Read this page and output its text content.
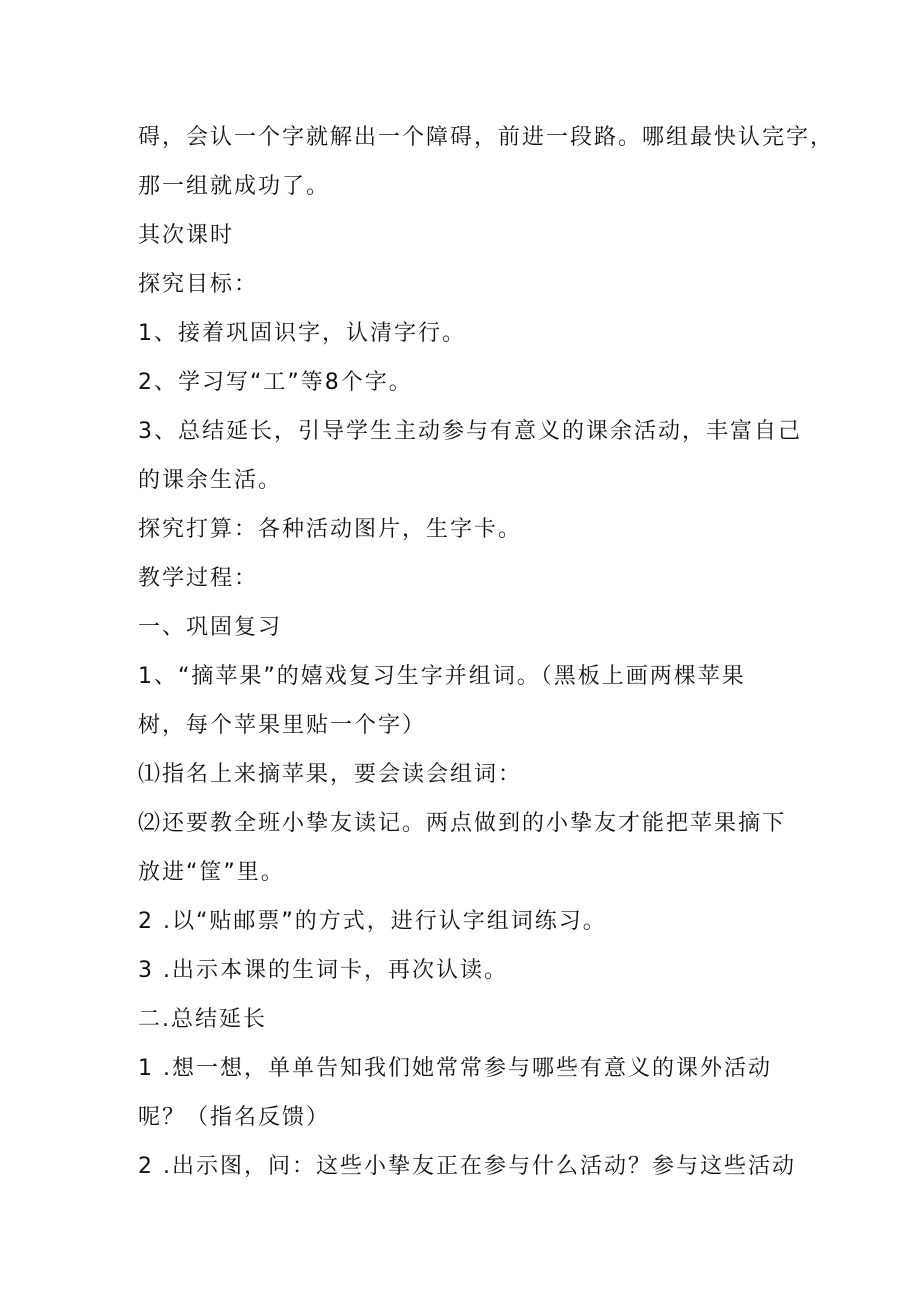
碍，会认一个字就解出一个障碍，前进一段路。哪组最快认完字，
那一组就成功了。
其次课时
探究目标：
1、接着巩固识字，认清字行。
2、学习写“工”等8个字。
3、总结延长，引导学生主动参与有意义的课余活动，丰富自己
的课余生活。
探究打算：各种活动图片，生字卡。
教学过程：
一、巩固复习
1、“摘苹果”的嬉戏复习生字并组词。（黑板上画两棵苹果
树，每个苹果里贴一个字）
⑴指名上来摘苹果，要会读会组词：
⑵还要教全班小挚友读记。两点做到的小挚友才能把苹果摘下
放进“筐”里。
2 .以“贴邮票”的方式，进行认字组词练习。
3 .出示本课的生词卡，再次认读。
二.总结延长
1 .想一想，单单告知我们她常常参与哪些有意义的课外活动
呢？（指名反馈）
2 .出示图，问：这些小挚友正在参与什么活动？参与这些活动
